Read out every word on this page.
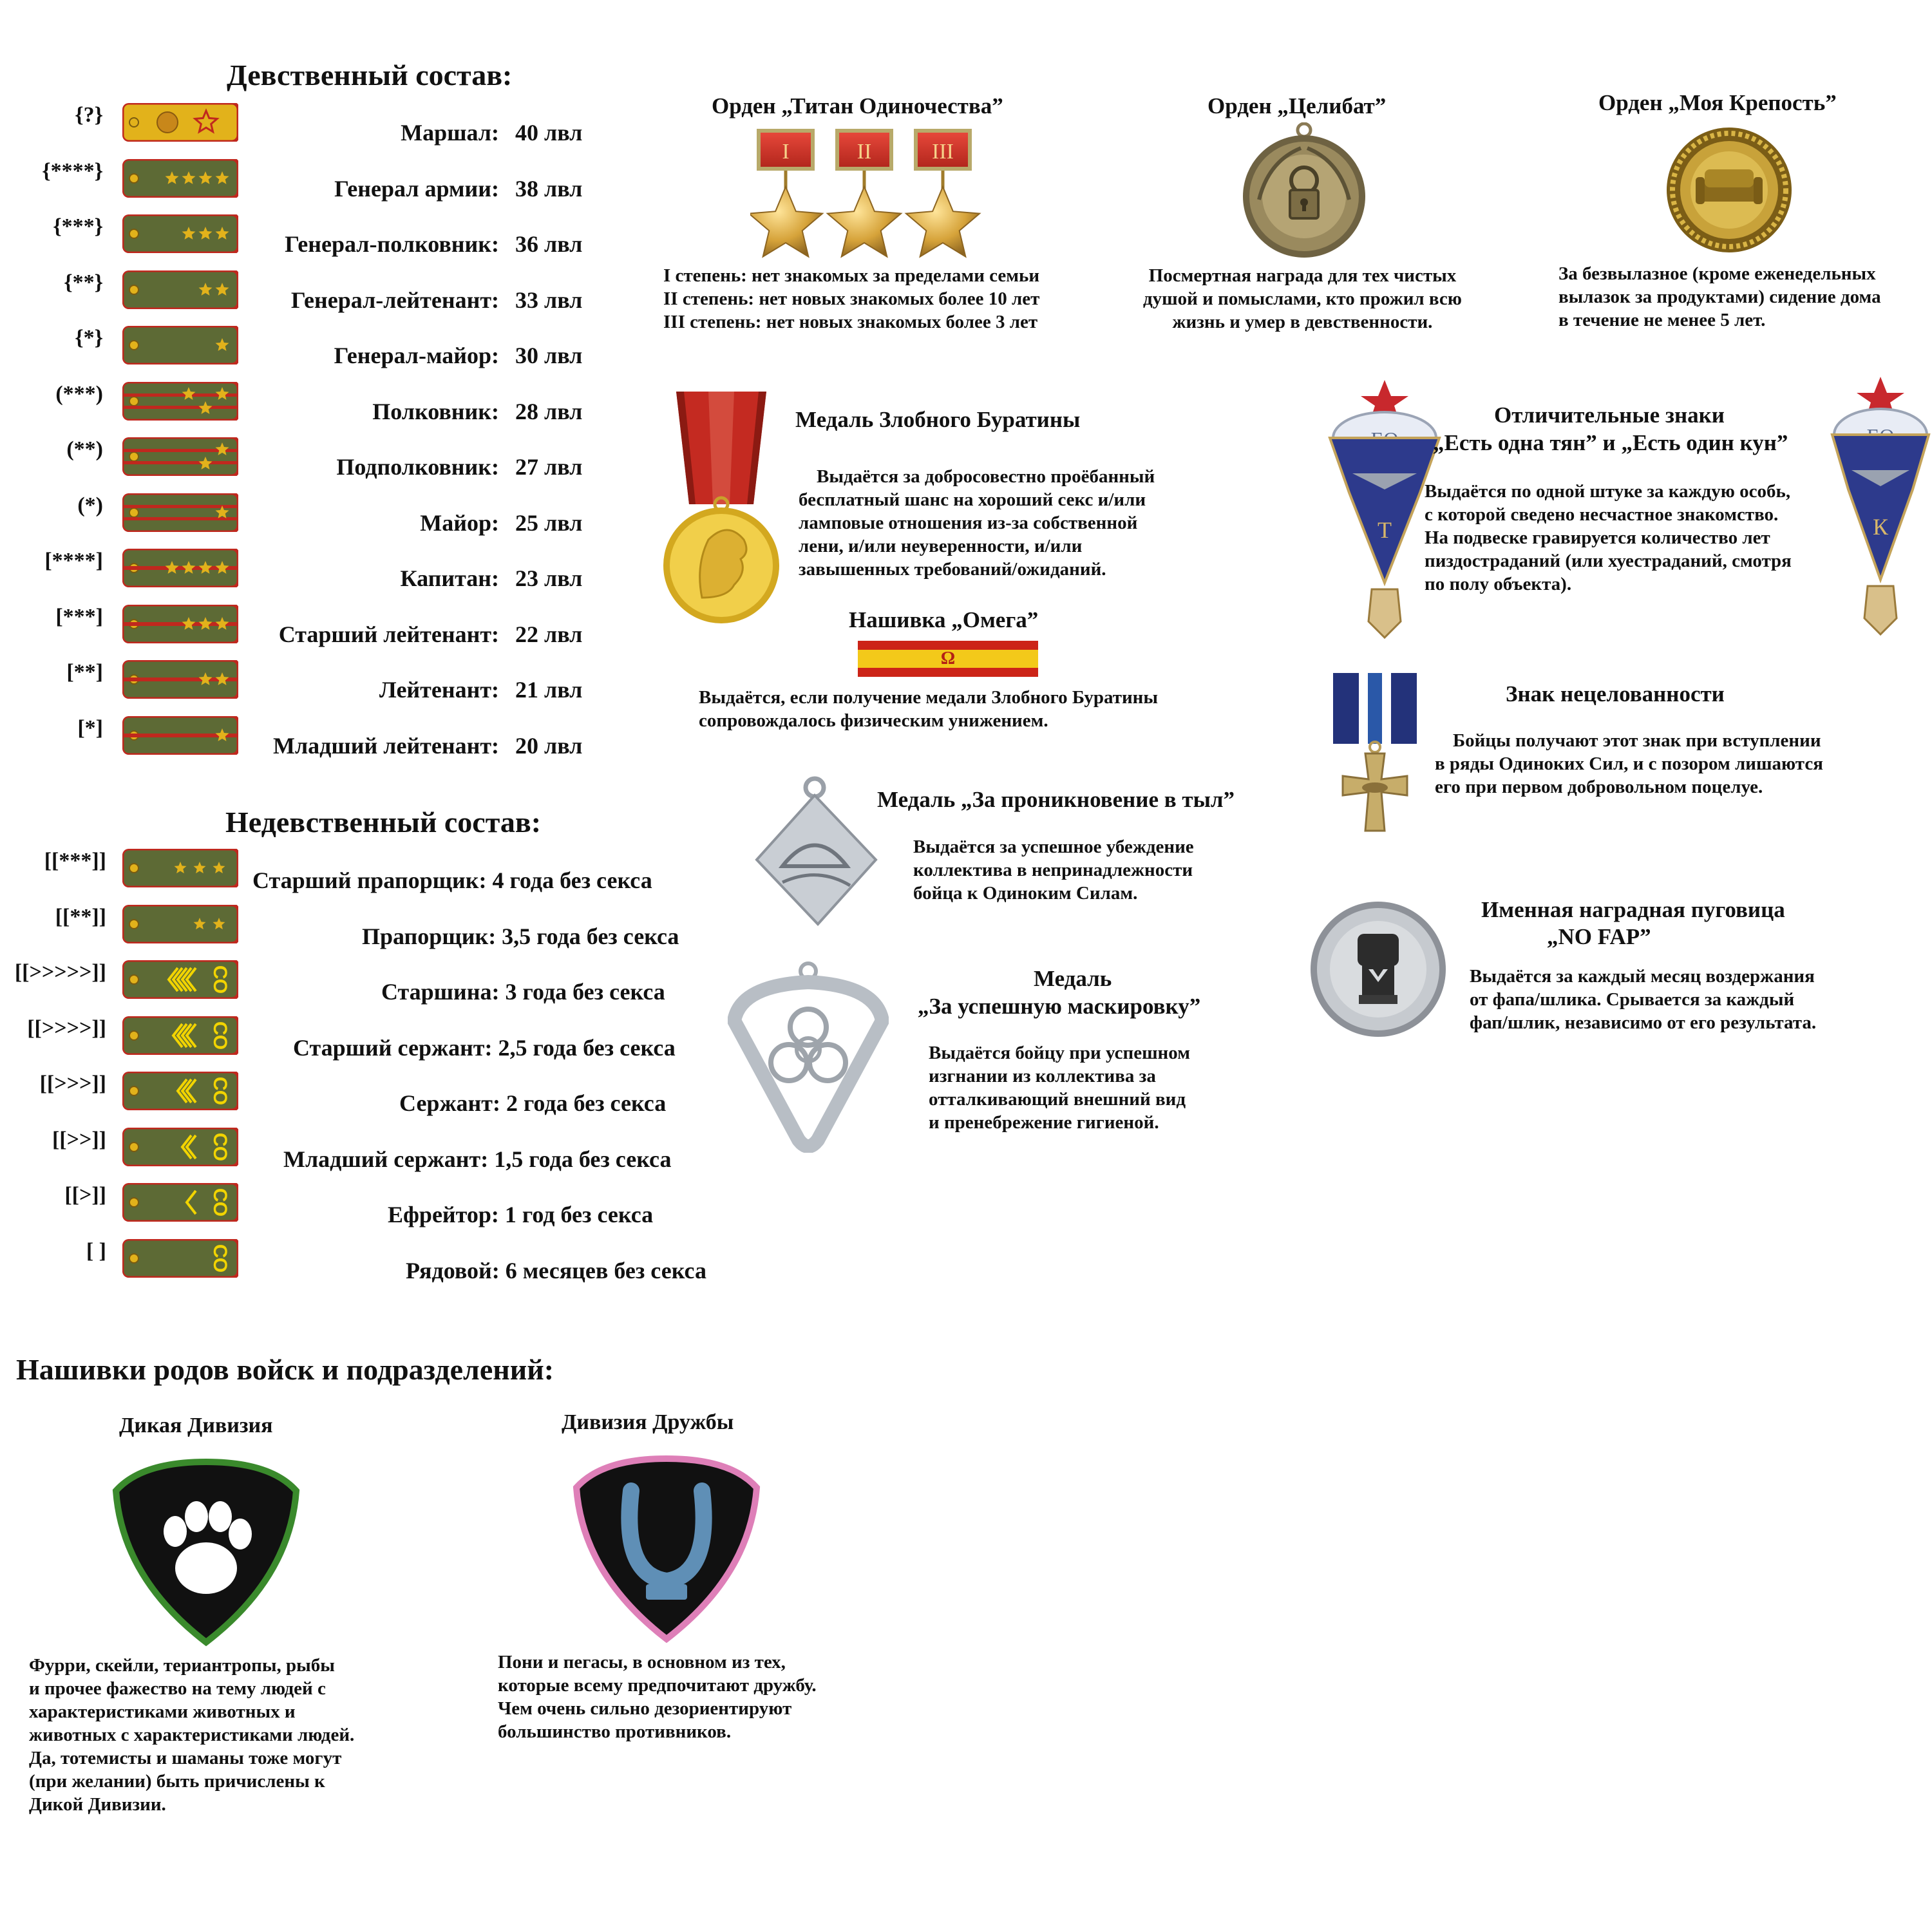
Девственный состав:
{?}
Маршал: 40 лвл
{****}
Генерал армии: 38 лвл
{***}
Генерал-полковник: 36 лвл
{**}
Генерал-лейтенант: 33 лвл
{*}
Генерал-майор: 30 лвл
(***)
Полковник: 28 лвл
(**)
Подполковник: 27 лвл
(*)
Майор: 25 лвл
[****]
Капитан: 23 лвл
[***]
Старший лейтенант: 22 лвл
[**]
Лейтенант: 21 лвл
[*]
Младший лейтенант: 20 лвл
Недевственный состав:
[[***]]
Старший прапорщик: 4 года без секса
[[**]]
Прапорщик: 3,5 года без секса
[[>>>>>]]	СО	Старшина: 3 года без секса
[[>>>>]]	СО	Старший сержант: 2,5 года без секса
[[>>>]]	СО	Сержант: 2 года без секса
[[>>]]	СО Младший сержант: 1,5 года без секса
[[>]]	СО	Ефрейтор: 1 год без секса
[ ]	СО	Рядовой: 6 месяцев без секса
Орден „Титан Одиночества”
I	II	III
I степень: нет знакомых за пределами семьи
II степень: нет новых знакомых более 10 лет
III степень: нет новых знакомых более 3 лет
Орден „Целибат”
Посмертная награда для тех чистых
душой и помыслами, кто прожил всю
жизнь и умер в девственности.
Орден „Моя Крепость”
За безвылазное (кроме еженедельных
вылазок за продуктами) сидение дома
в течение не менее 5 лет.
Медаль Злобного Буратины
Выдаётся за добросовестно проёбанный
бесплатный шанс на хороший секс и/или
ламповые отношения из-за собственной
лени, и/или неуверенности, и/или
завышенных требований/ожиданий.
Нашивка „Омега”
Ω
Выдаётся, если получение медали Злобного Буратины
сопровождалось физическим унижением.
Т	К
Отличительные знаки
„Есть одна тян” и „Есть один кун”
Выдаётся по одной штуке за каждую особь,
с которой сведено несчастное знакомство.
На подвеске гравируется количество лет
пиздостраданий (или хуестраданий, смотря
по полу объекта).
Знак нецелованности
Бойцы получают этот знак при вступлении
в ряды Одиноких Сил, и с позором лишаются
его при первом добровольном поцелуе.
Медаль „За проникновение в тыл”
Выдаётся за успешное убеждение
коллектива в непринадлежности
бойца к Одиноким Силам.
Медаль
„За успешную маскировку”
Выдаётся бойцу при успешном
изгнании из коллектива за
отталкивающий внешний вид
и пренебрежение гигиеной.
Именная наградная пуговица
„NO FAP”
Выдаётся за каждый месяц воздержания
от фапа/шлика. Срывается за каждый
фап/шлик, независимо от его результата.
Нашивки родов войск и подразделений:
Дикая Дивизия
Фурри, скейли, териантропы, рыбы
и прочее фажество на тему людей с
характеристиками животных и
животных с характеристиками людей.
Да, тотемисты и шаманы тоже могут
(при желании) быть причислены к
Дикой Дивизии.
Дивизия Дружбы
Пони и пегасы, в основном из тех,
которые всему предпочитают дружбу.
Чем очень сильно дезориентируют
большинство противников.
